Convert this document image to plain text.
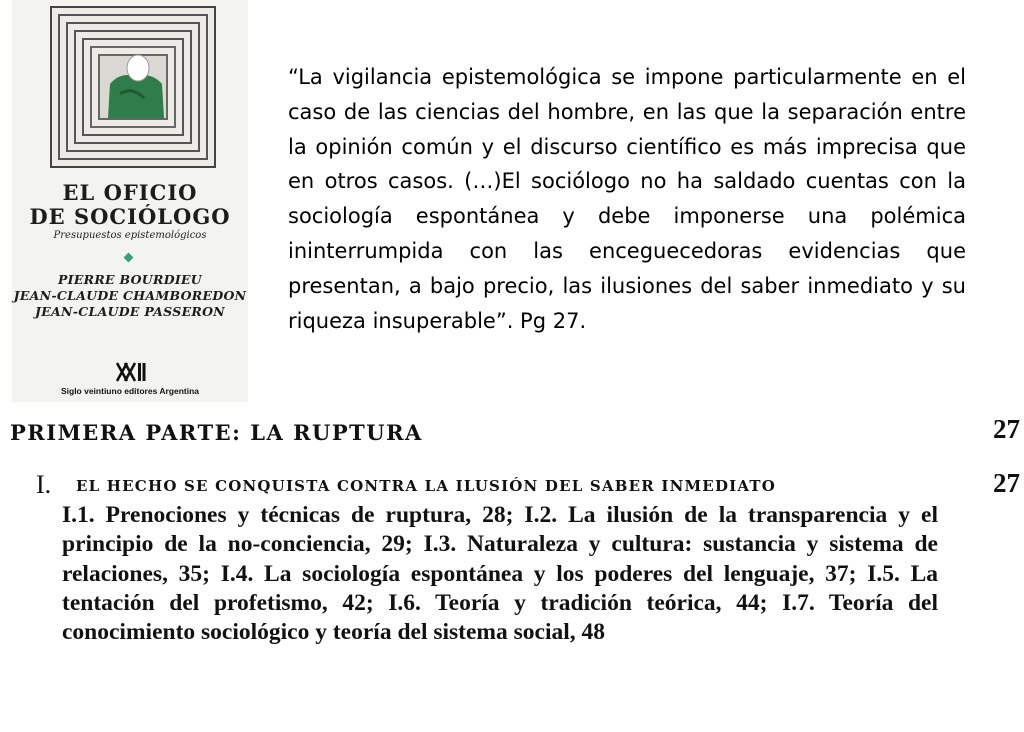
EL OFICIO
DE SOCIÓLOGO
Presupuestos epistemológicos
PIERRE BOURDIEU
JEAN-CLAUDE CHAMBOREDON
JEAN-CLAUDE PASSERON
Siglo veintiuno editores Argentina
“La vigilancia epistemológica se impone particularmente en el caso de las ciencias del hombre, en las que la separación entre la opinión común y el discurso científico es más imprecisa que en otros casos. (…)El sociólogo no ha saldado cuentas con la sociología espontánea y debe imponerse una polémica ininterrumpida con las enceguecedoras evidencias que presentan, a bajo precio, las ilusiones del saber inmediato y su riqueza insuperable”. Pg 27.
PRIMERA PARTE: LA RUPTURA	27
I. EL HECHO SE CONQUISTA CONTRA LA ILUSIÓN DEL SABER INMEDIATO	27
I.1. Prenociones y técnicas de ruptura, 28; I.2. La ilusión de la transparencia y el principio de la no-conciencia, 29; I.3. Naturaleza y cultura: sustancia y sistema de relaciones, 35; I.4. La sociología espontánea y los poderes del lenguaje, 37; I.5. La tentación del profetismo, 42; I.6. Teoría y tradición teórica, 44; I.7. Teoría del conocimiento sociológico y teoría del sistema social, 48
